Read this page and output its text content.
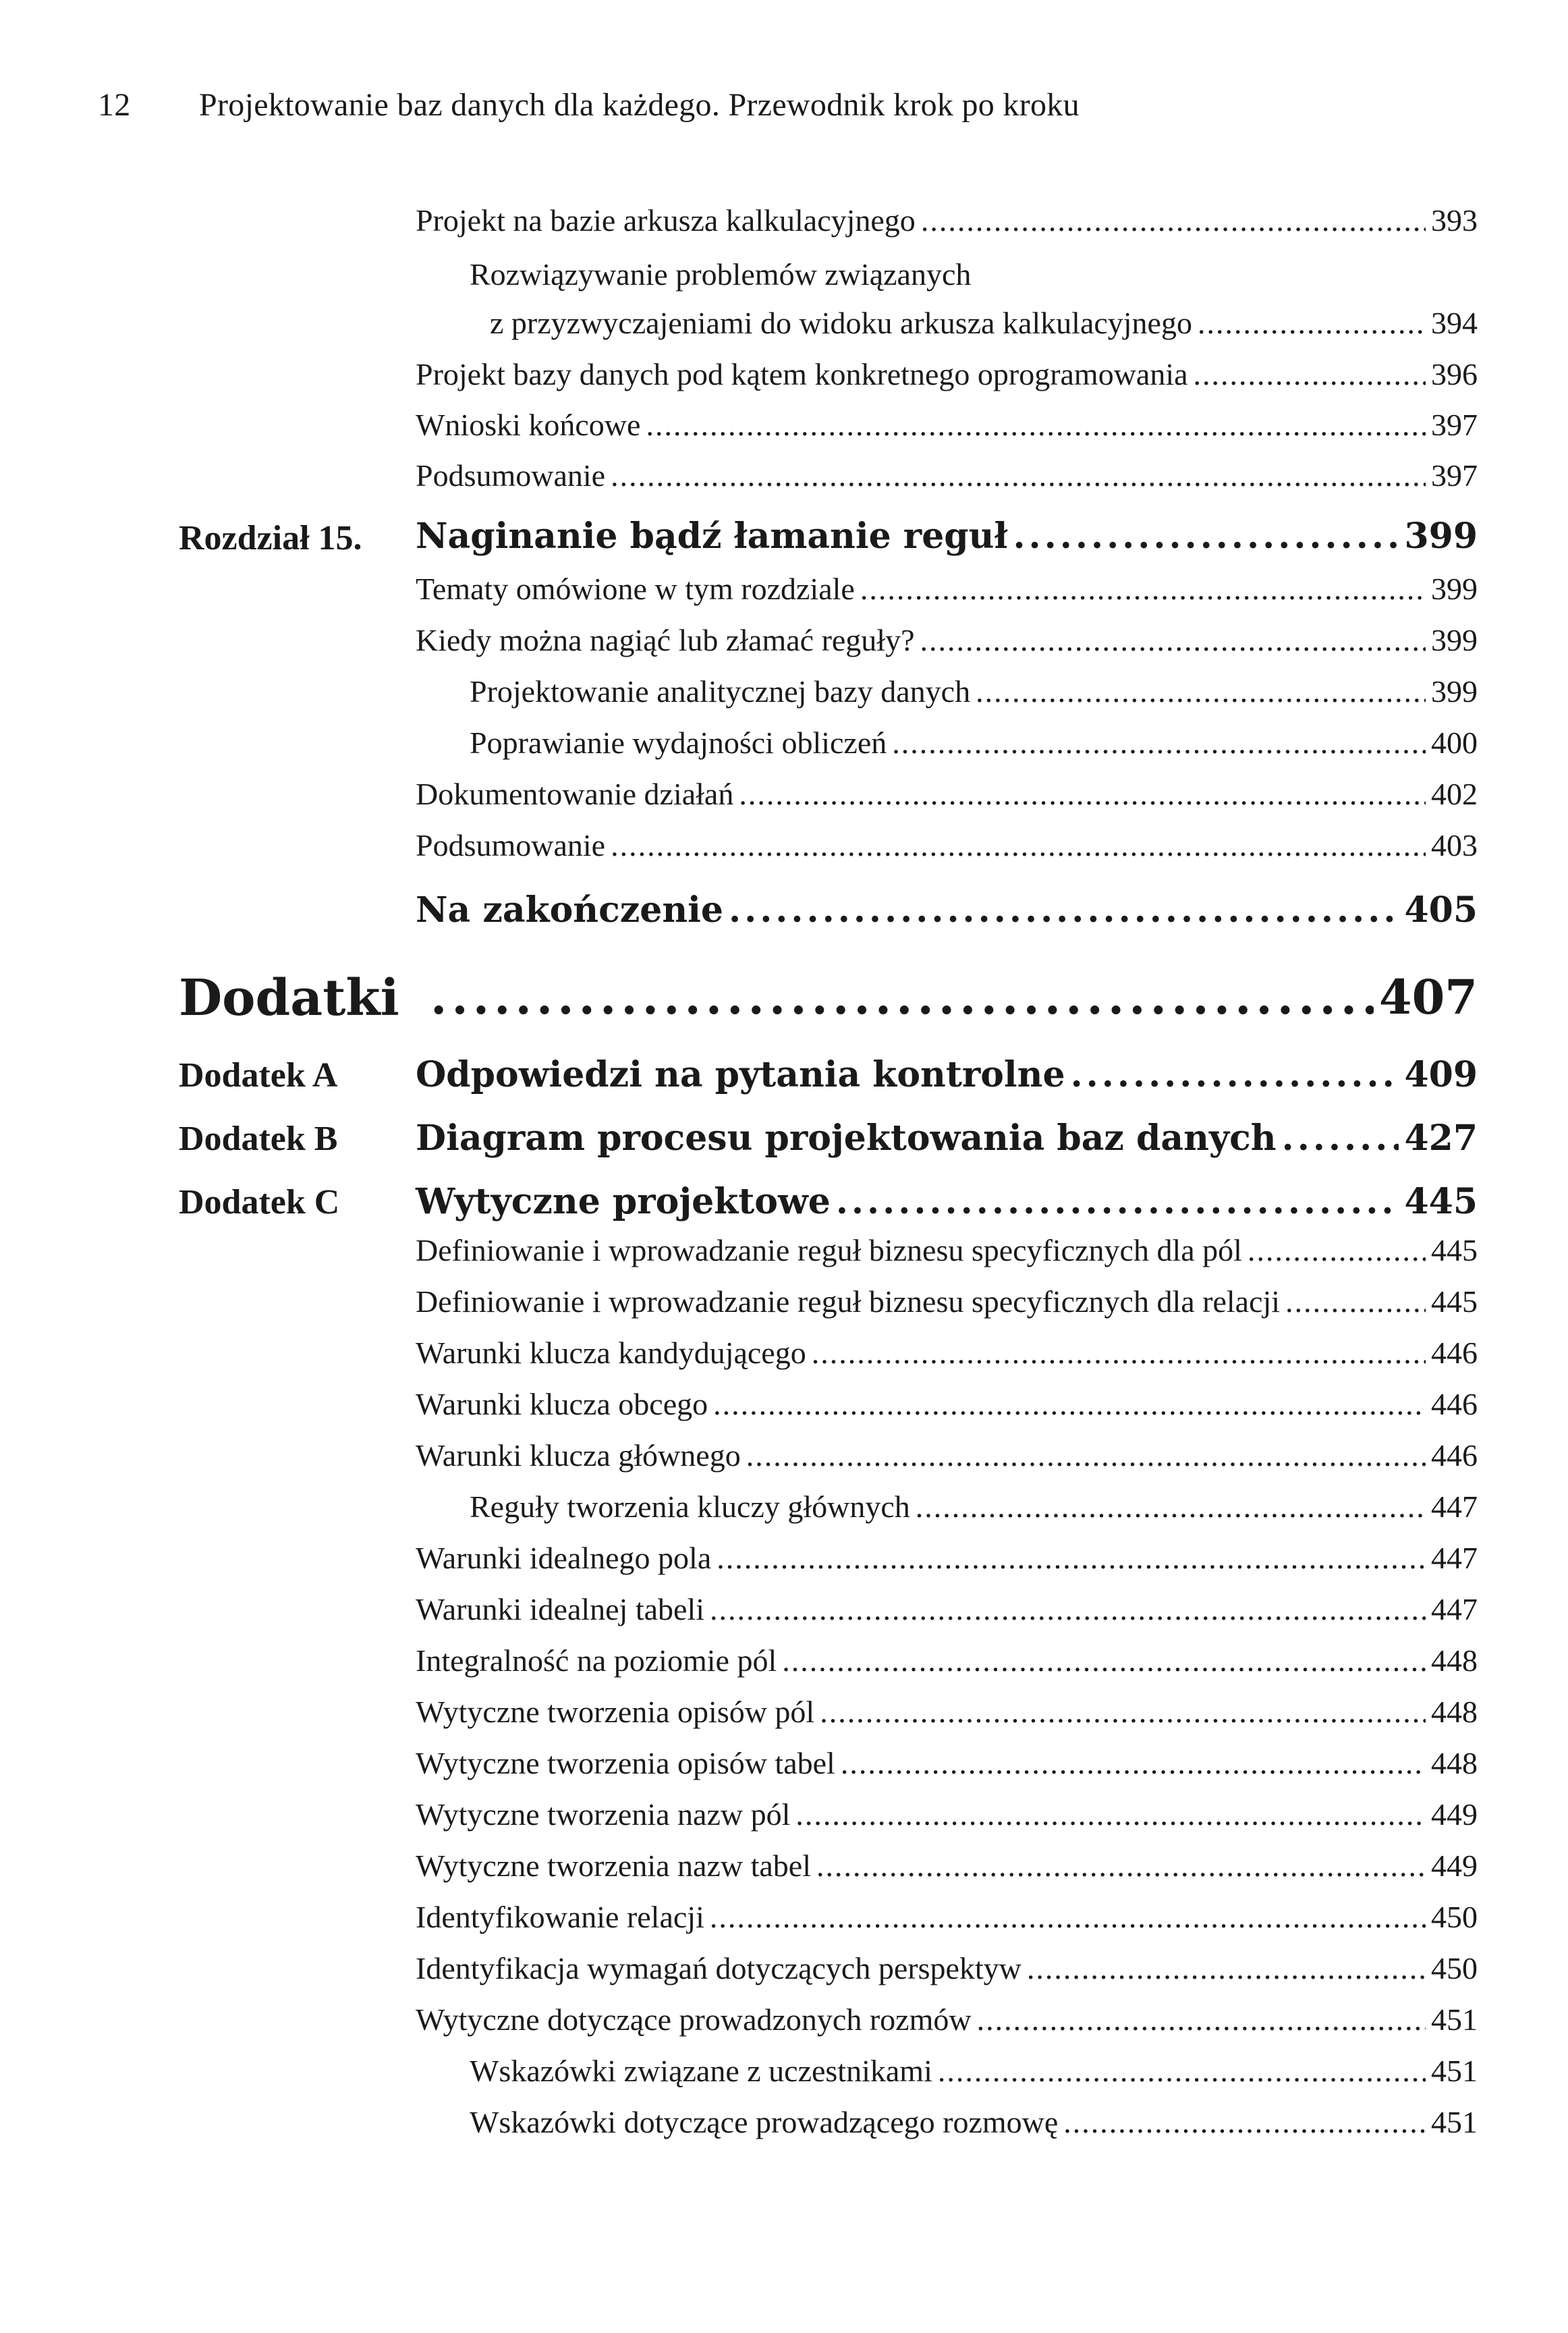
12 Projektowanie baz danych dla każdego. Przewodnik krok po kroku
Projekt na bazie arkusza kalkulacyjnego .....	393
Rozwiązywanie problemów związanych
z przyzwyczajeniami do widoku arkusza kalkulacyjnego .....	394
Projekt bazy danych pod kątem konkretnego oprogramowania .....	396
Wnioski końcowe .....	397
Podsumowanie .....	397
Rozdział 15. Naginanie bądź łamanie reguł .....	399
Tematy omówione w tym rozdziale .....	399
Kiedy można nagiąć lub złamać reguły? .....	399
Projektowanie analitycznej bazy danych .....	399
Poprawianie wydajności obliczeń .....	400
Dokumentowanie działań .....	402
Podsumowanie .....	403
Na zakończenie .....	405
Dodatki .....	407
Dodatek A Odpowiedzi na pytania kontrolne .....	409
Dodatek B Diagram procesu projektowania baz danych .....	427
Dodatek C Wytyczne projektowe .....	445
Definiowanie i wprowadzanie reguł biznesu specyficznych dla pól .....	445
Definiowanie i wprowadzanie reguł biznesu specyficznych dla relacji .....	445
Warunki klucza kandydującego .....	446
Warunki klucza obcego .....	446
Warunki klucza głównego .....	446
Reguły tworzenia kluczy głównych .....	447
Warunki idealnego pola .....	447
Warunki idealnej tabeli .....	447
Integralność na poziomie pól .....	448
Wytyczne tworzenia opisów pól .....	448
Wytyczne tworzenia opisów tabel .....	448
Wytyczne tworzenia nazw pól .....	449
Wytyczne tworzenia nazw tabel .....	449
Identyfikowanie relacji .....	450
Identyfikacja wymagań dotyczących perspektyw .....	450
Wytyczne dotyczące prowadzonych rozmów .....	451
Wskazówki związane z uczestnikami .....	451
Wskazówki dotyczące prowadzącego rozmowę .....	451
